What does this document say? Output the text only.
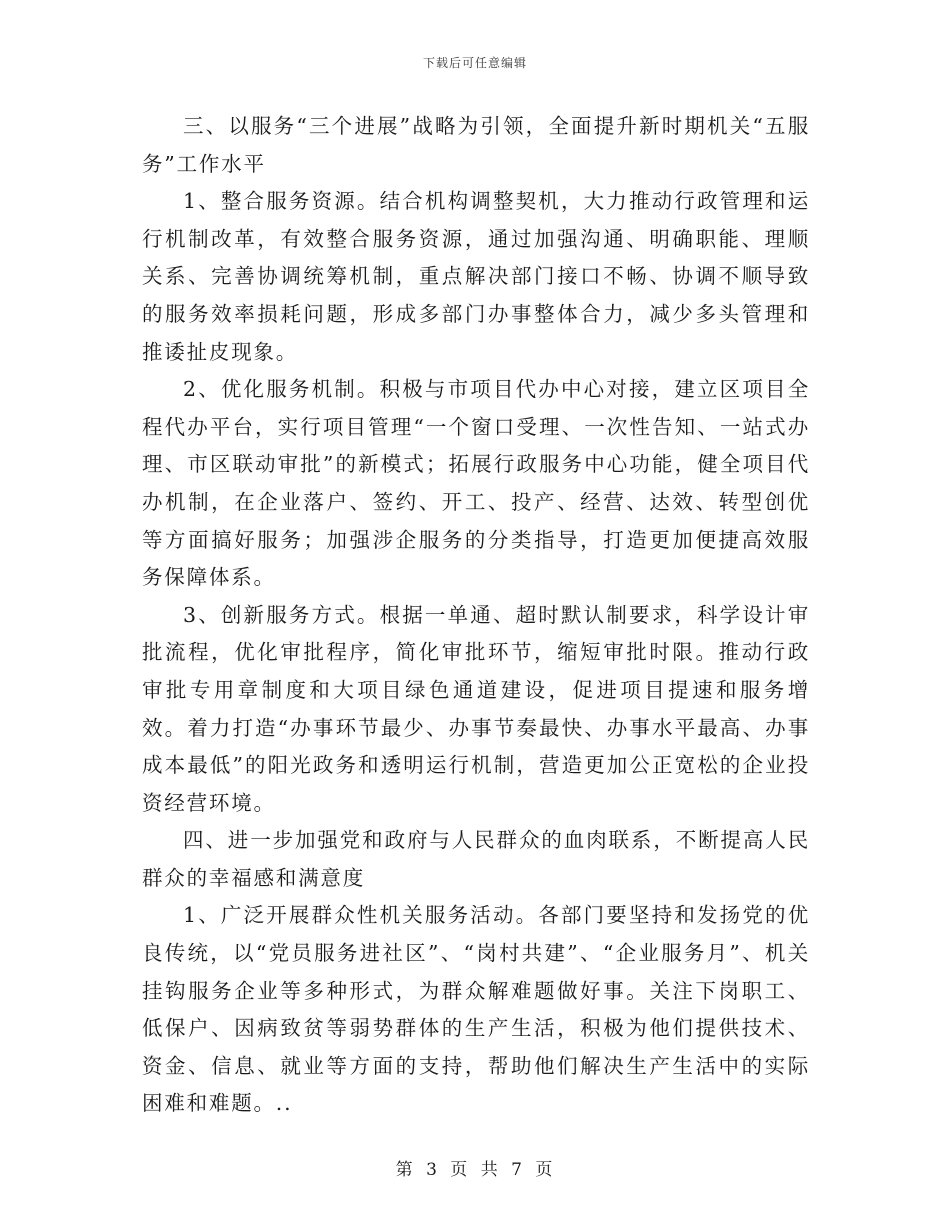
下载后可任意编辑

三、以服务“三个进展”战略为引领，全面提升新时期机关“五服务”工作水平

1、整合服务资源。结合机构调整契机，大力推动行政管理和运行机制改革，有效整合服务资源，通过加强沟通、明确职能、理顺关系、完善协调统筹机制，重点解决部门接口不畅、协调不顺导致的服务效率损耗问题，形成多部门办事整体合力，减少多头管理和推诿扯皮现象。

2、优化服务机制。积极与市项目代办中心对接，建立区项目全程代办平台，实行项目管理“一个窗口受理、一次性告知、一站式办理、市区联动审批”的新模式；拓展行政服务中心功能，健全项目代办机制，在企业落户、签约、开工、投产、经营、达效、转型创优等方面搞好服务；加强涉企服务的分类指导，打造更加便捷高效服务保障体系。

3、创新服务方式。根据一单通、超时默认制要求，科学设计审批流程，优化审批程序，简化审批环节，缩短审批时限。推动行政审批专用章制度和大项目绿色通道建设，促进项目提速和服务增效。着力打造“办事环节最少、办事节奏最快、办事水平最高、办事成本最低”的阳光政务和透明运行机制，营造更加公正宽松的企业投资经营环境。

四、进一步加强党和政府与人民群众的血肉联系，不断提高人民群众的幸福感和满意度

1、广泛开展群众性机关服务活动。各部门要坚持和发扬党的优良传统，以“党员服务进社区”、“岗村共建”、“企业服务月”、机关挂钩服务企业等多种形式，为群众解难题做好事。关注下岗职工、低保户、因病致贫等弱势群体的生产生活，积极为他们提供技术、资金、信息、就业等方面的支持，帮助他们解决生产生活中的实际困难和难题。..

第 3 页 共 7 页
